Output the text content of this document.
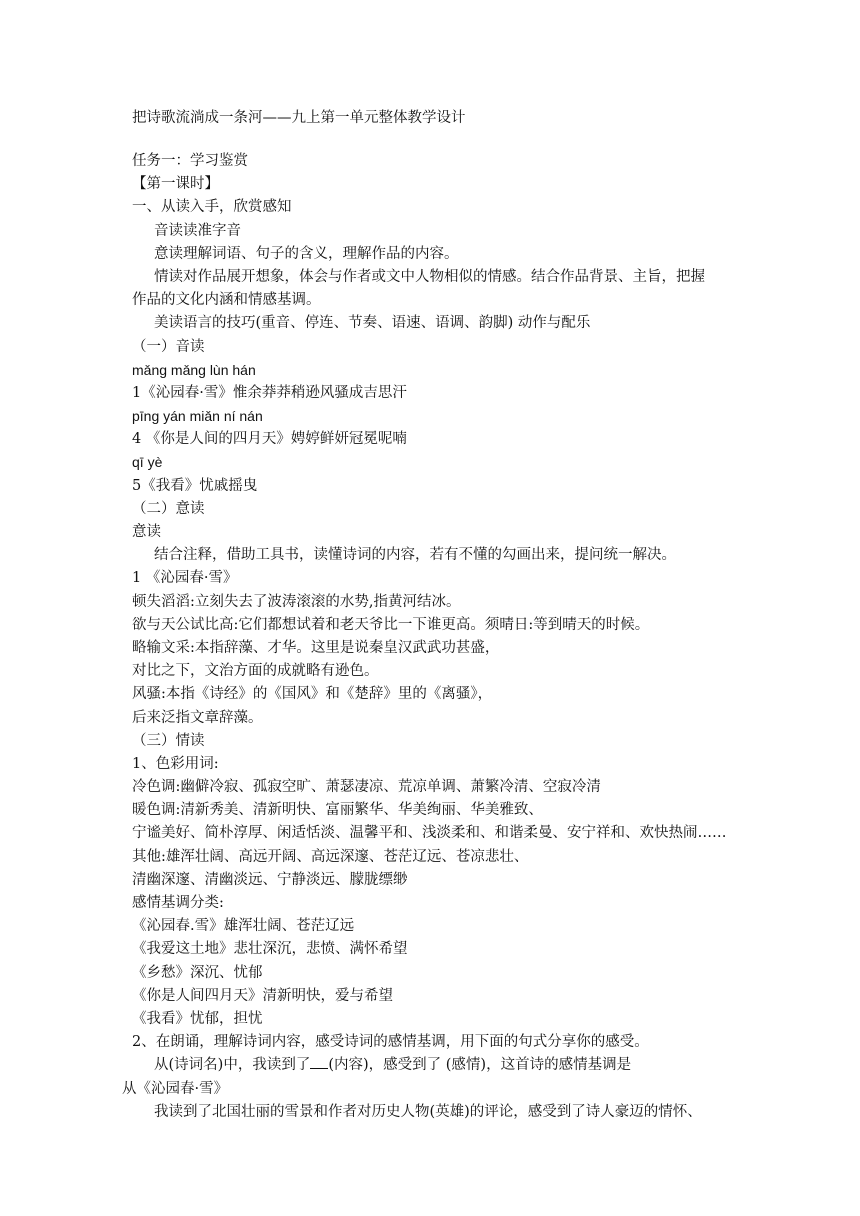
把诗歌流淌成一条河——九上第一单元整体教学设计
任务一：学习鉴赏
【第一课时】
一、从读入手，欣赏感知
音读读准字音
意读理解词语、句子的含义，理解作品的内容。
情读对作品展开想象，体会与作者或文中人物相似的情感。结合作品背景、主旨，把握
作品的文化内涵和情感基调。
美读语言的技巧(重音、停连、节奏、语速、语调、韵脚) 动作与配乐
（一）音读
mǎng mǎng lùn hán
1《沁园春·雪》惟余莽莽稍逊风骚成吉思汗
pīng yán miǎn ní nán
4 《你是人间的四月天》娉婷鲜妍冠冕呢喃
qī yè
5《我看》忧戚摇曳
（二）意读
意读
结合注释，借助工具书，读懂诗词的内容，若有不懂的勾画出来，提问统一解决。
1 《沁园春·雪》
顿失滔滔:立刻失去了波涛滚滚的水势,指黄河结冰。
欲与天公试比高:它们都想试着和老天爷比一下谁更高。须晴日:等到晴天的时候。
略输文采:本指辞藻、才华。这里是说秦皇汉武武功甚盛，
对比之下，文治方面的成就略有逊色。
风骚:本指《诗经》的《国风》和《楚辞》里的《离骚》，
后来泛指文章辞藻。
（三）情读
1、色彩用词:
冷色调:幽僻冷寂、孤寂空旷、萧瑟凄凉、荒凉单调、萧繁冷清、空寂冷清
暖色调:清新秀美、清新明快、富丽繁华、华美绚丽、华美雅致、
宁谧美好、简朴淳厚、闲适恬淡、温馨平和、浅淡柔和、和谐柔曼、安宁祥和、欢快热闹……
其他:雄浑壮阔、高远开阔、高远深邃、苍茫辽远、苍凉悲壮、
清幽深邃、清幽淡远、宁静淡远、朦胧缥缈
感情基调分类:
《沁园春.雪》雄浑壮阔、苍茫辽远
《我爱这土地》悲壮深沉，悲愤、满怀希望
《乡愁》深沉、忧郁
《你是人间四月天》清新明快，爱与希望
《我看》忧郁，担忧
2、在朗诵，理解诗词内容，感受诗词的感情基调，用下面的句式分享你的感受。
从(诗词名)中，我读到了 (内容)，感受到了 (感情)，这首诗的感情基调是
从《沁园春·雪》
我读到了北国壮丽的雪景和作者对历史人物(英雄)的评论，感受到了诗人豪迈的情怀、
